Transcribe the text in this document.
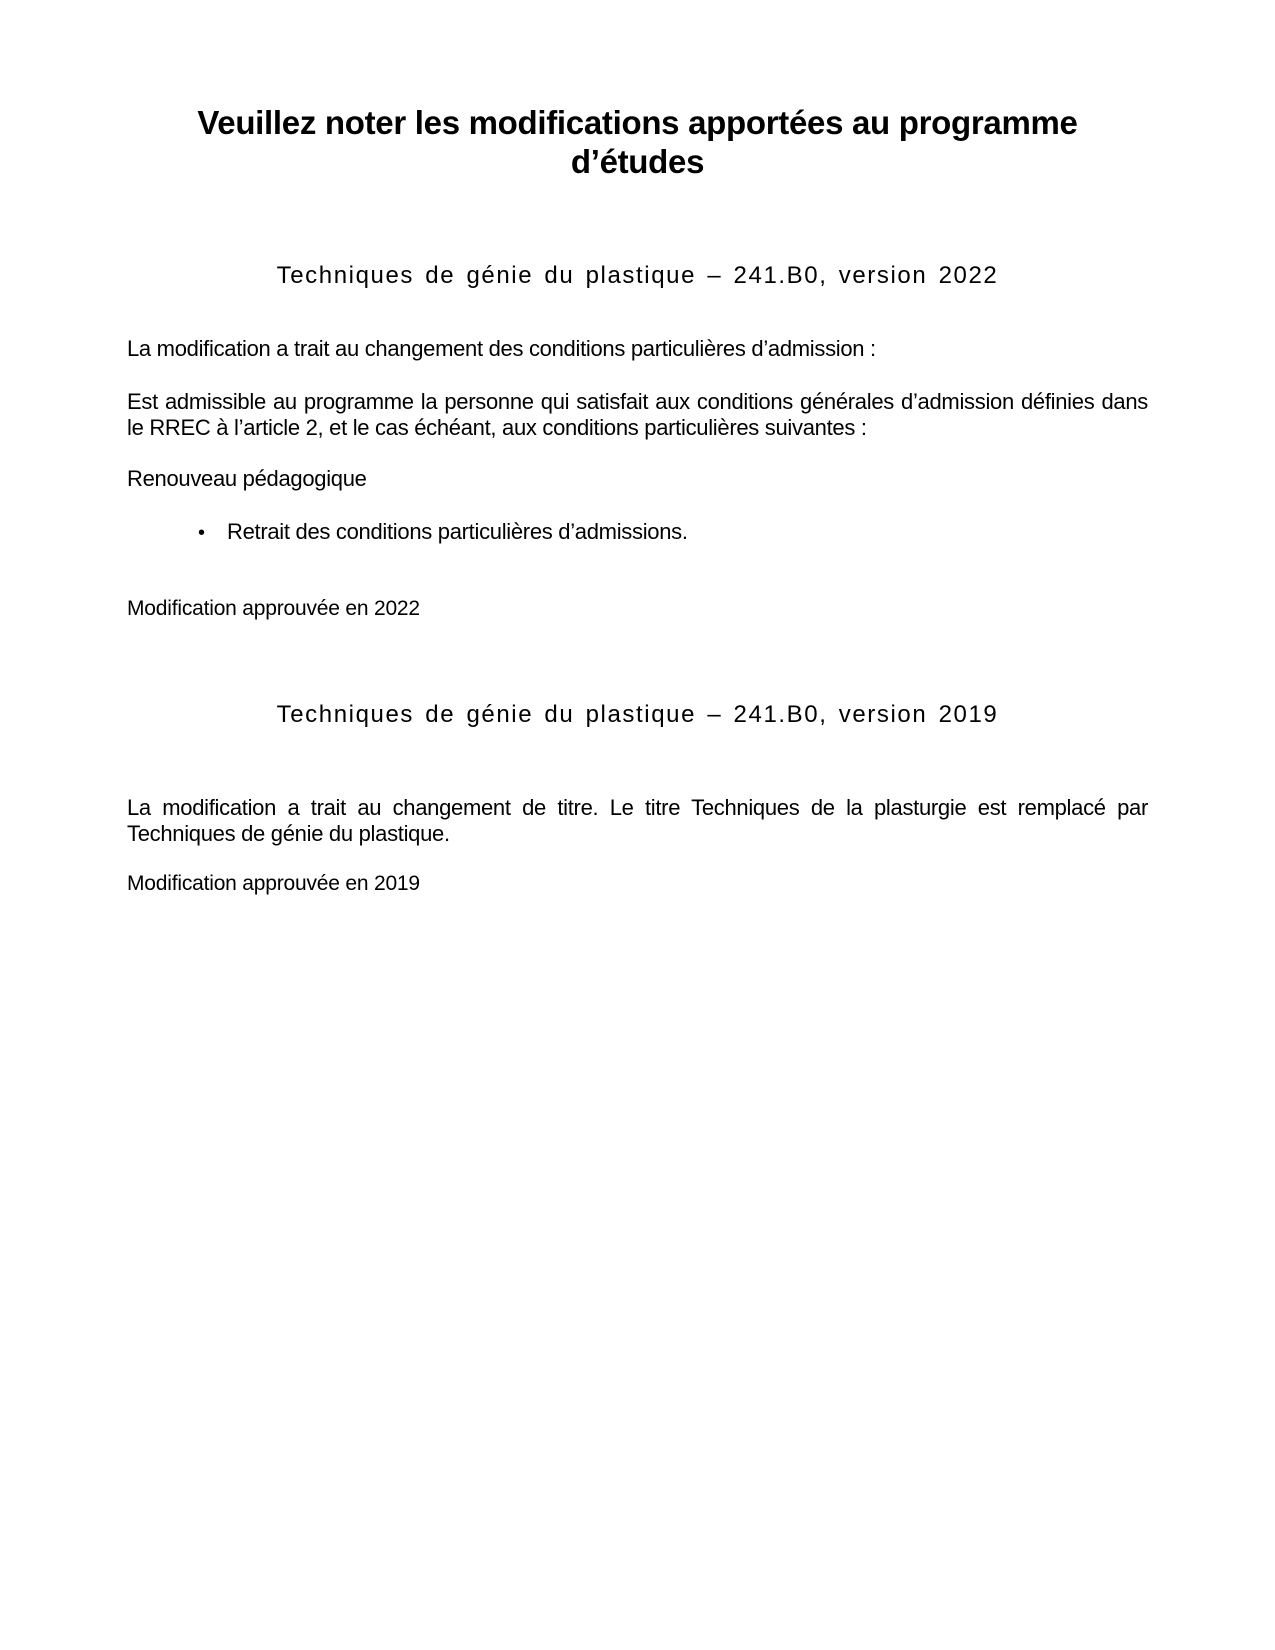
Veuillez noter les modifications apportées au programme d’études
Techniques de génie du plastique – 241.B0, version 2022

La modification a trait au changement des conditions particulières d’admission :

Est admissible au programme la personne qui satisfait aux conditions générales d’admission définies dans le RREC à l’article 2, et le cas échéant, aux conditions particulières suivantes :

Renouveau pédagogique

•	Retrait des conditions particulières d’admissions.

Modification approuvée en 2022

Techniques de génie du plastique – 241.B0, version 2019

La modification a trait au changement de titre. Le titre Techniques de la plasturgie est remplacé par Techniques de génie du plastique.

Modification approuvée en 2019
